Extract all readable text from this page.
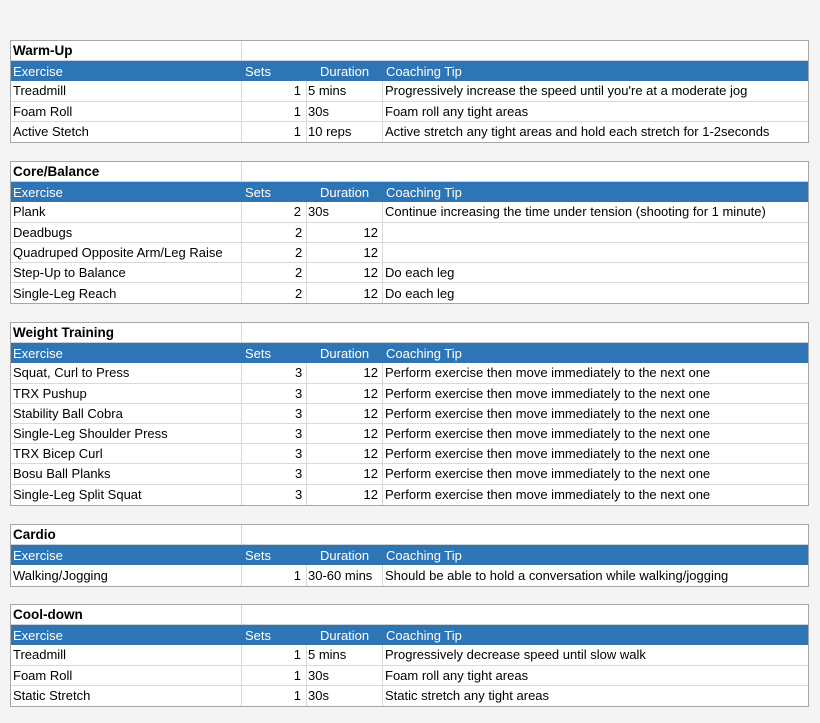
Warm-Up
Exercise	Sets	Duration Coaching Tip
Treadmill	1 5 mins	Progressively increase the speed until you're at a moderate jog
Foam Roll	1 30s	Foam roll any tight areas
Active Stetch	1 10 reps	Active stretch any tight areas and hold each stretch for 1-2seconds
Core/Balance
Exercise	Sets	Duration Coaching Tip
Plank	2 30s	Continue increasing the time under tension (shooting for 1 minute)
Deadbugs	2	12
Quadruped Opposite Arm/Leg Raise	2	12
Step-Up to Balance	2	12 Do each leg
Single-Leg Reach	2	12 Do each leg
Weight Training
Exercise	Sets	Duration Coaching Tip
Squat, Curl to Press	3	12 Perform exercise then move immediately to the next one
TRX Pushup	3	12 Perform exercise then move immediately to the next one
Stability Ball Cobra	3	12 Perform exercise then move immediately to the next one
Single-Leg Shoulder Press	3	12 Perform exercise then move immediately to the next one
TRX Bicep Curl	3	12 Perform exercise then move immediately to the next one
Bosu Ball Planks	3	12 Perform exercise then move immediately to the next one
Single-Leg Split Squat	3	12 Perform exercise then move immediately to the next one
Cardio
Exercise	Sets	Duration Coaching Tip
Walking/Jogging	1 30-60 mins Should be able to hold a conversation while walking/jogging
Cool-down
Exercise	Sets	Duration Coaching Tip
Treadmill	1 5 mins	Progressively decrease speed until slow walk
Foam Roll	1 30s	Foam roll any tight areas
Static Stretch	1 30s	Static stretch any tight areas
